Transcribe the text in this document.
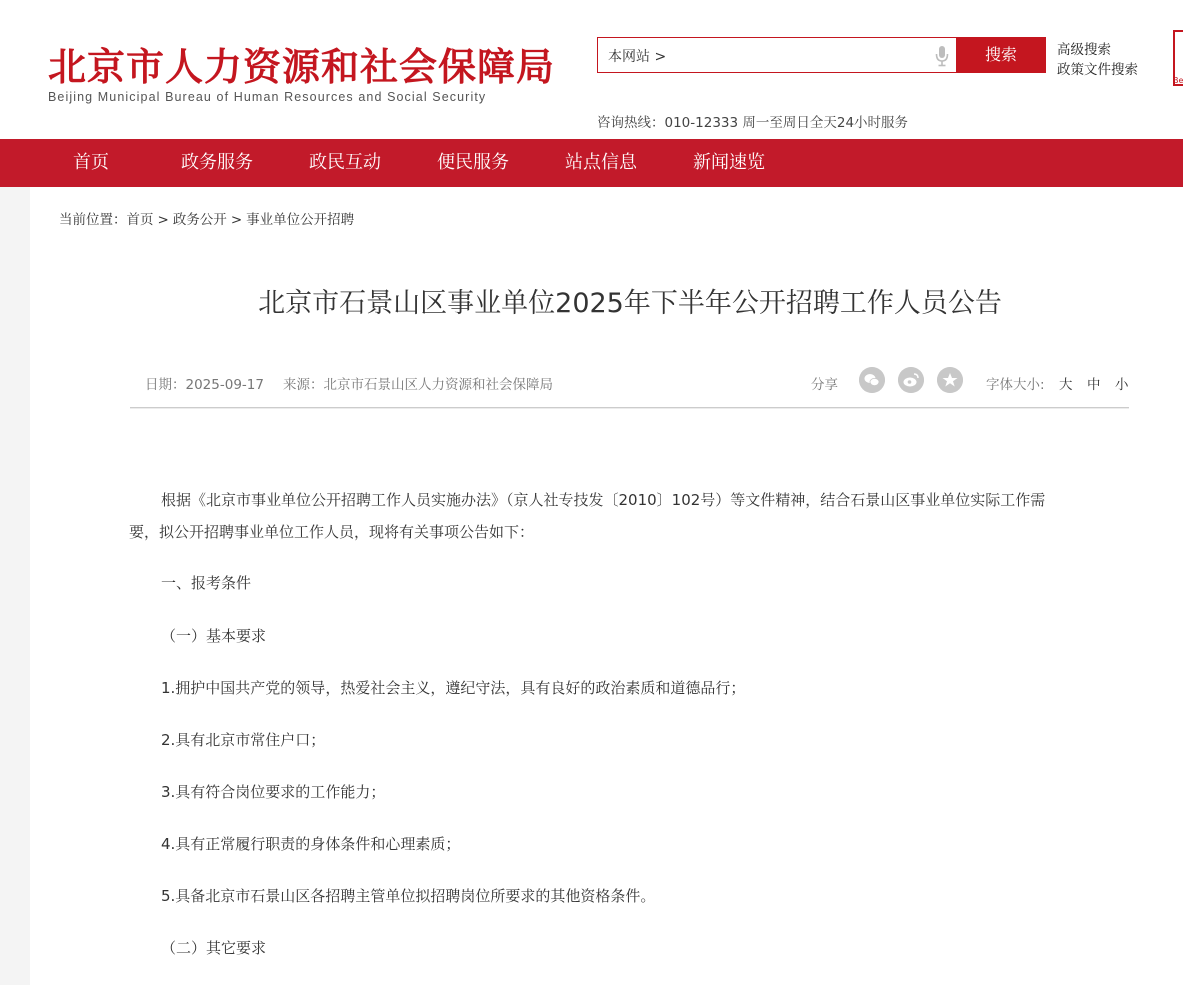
北京市人力资源和社会保障局
Beijing Municipal Bureau of Human Resources and Social Security
本网站 >	搜索	高级搜索
政策文件搜索
咨询热线：010-12333 周一至周日全天24小时服务
Be
首页	政务服务	政民互动	便民服务	站点信息	新闻速览
当前位置：首页 > 政务公开 > 事业单位公开招聘
北京市石景山区事业单位2025年下半年公开招聘工作人员公告
日期：2025-09-17 来源：北京市石景山区人力资源和社会保障局	分享	字体大小: 大 中 小
根据《北京市事业单位公开招聘工作人员实施办法》（京人社专技发〔2010〕102号）等文件精神，结合石景山区事业单位实际工作需
要，拟公开招聘事业单位工作人员，现将有关事项公告如下：
一、报考条件
（一）基本要求
1.拥护中国共产党的领导，热爱社会主义，遵纪守法，具有良好的政治素质和道德品行；
2.具有北京市常住户口；
3.具有符合岗位要求的工作能力；
4.具有正常履行职责的身体条件和心理素质；
5.具备北京市石景山区各招聘主管单位拟招聘岗位所要求的其他资格条件。
（二）其它要求
